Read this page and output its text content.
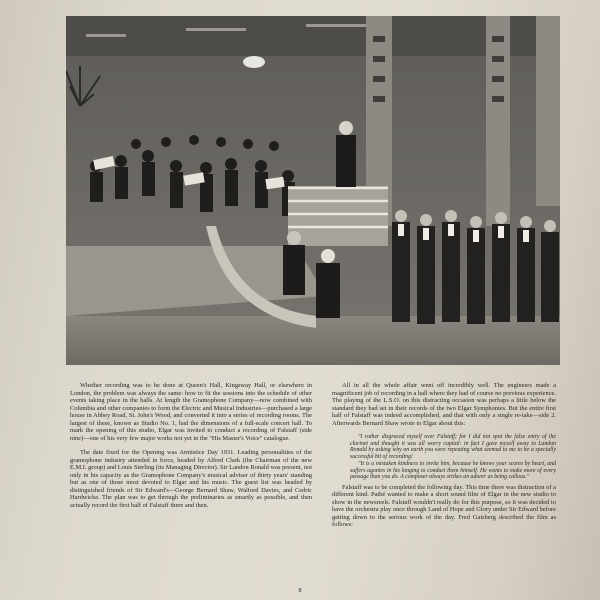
Whether recording was to be done at Queen's Hall, Kingsway Hall, or elsewhere in London, the problem was always the same: how to fit the sessions into the schedule of other events taking place in the halls. At length the Gramophone Company—now combined with Columbia and other companies to form the Electric and Musical Industries—purchased a large house in Abbey Road, St. John's Wood, and converted it into a series of recording rooms. The largest of these, known as Studio No. 1, had the dimensions of a full-scale concert hall. To mark the opening of this studio, Elgar was invited to conduct a recording of Falstaff (side nine)—one of his very few major works not yet in the "His Master's Voice" catalogue.

The date fixed for the Opening was Armistice Day 1931. Leading personalities of the gramophone industry attended in force, headed by Alfred Clark (the Chairman of the new E.M.I. group) and Louis Sterling (its Managing Director). Sir Landon Ronald was present, not only in his capacity as the Gramophone Company's musical adviser of thirty years' standing but as one of those most devoted to Elgar and his music. The guest list was headed by distinguished friends of Sir Edward's—George Bernard Shaw, Walford Davies, and Cedric Hardwicke. The plan was to get through the preliminaries as smartly as possible, and then actually record the first half of Falstaff there and then.

All in all the whole affair went off incredibly well. The engineers made a magnificent job of recording in a hall where they had of course no previous experience. The playing of the L.S.O. on this distracting occasion was perhaps a little below the standard they had set in their records of the two Elgar Symphonies. But the entire first half of Falstaff was indeed accomplished, and that with only a single re-take—side 2. Afterwards Bernard Shaw wrote to Elgar about this:

"I rather disgraced myself over Falstaff; for I did not spot the false entry of the clarinet and thought it was all worry capital: in fact I gave myself away to Landon Ronald by asking why on earth you were repeating what seemed to me to be a specially successful bit of recording!

"It is a mistaken kindness to invite him, because he knows your scores by heart, and suffers agonies in his longing to conduct them himself. He wants to make more of every passage than you do. A composer always strikes an adorer as being callous."

Falstaff was to be completed the following day. This time there was distraction of a different kind. Pathé wanted to make a short sound film of Elgar in the new studio to show in the newsreels. Falstaff wouldn't really do for this purpose, so it was decided to have the orchestra play once through Land of Hope and Glory under Sir Edward before getting down to the serious work of the day. Fred Gaisberg described the film as follows:

8
